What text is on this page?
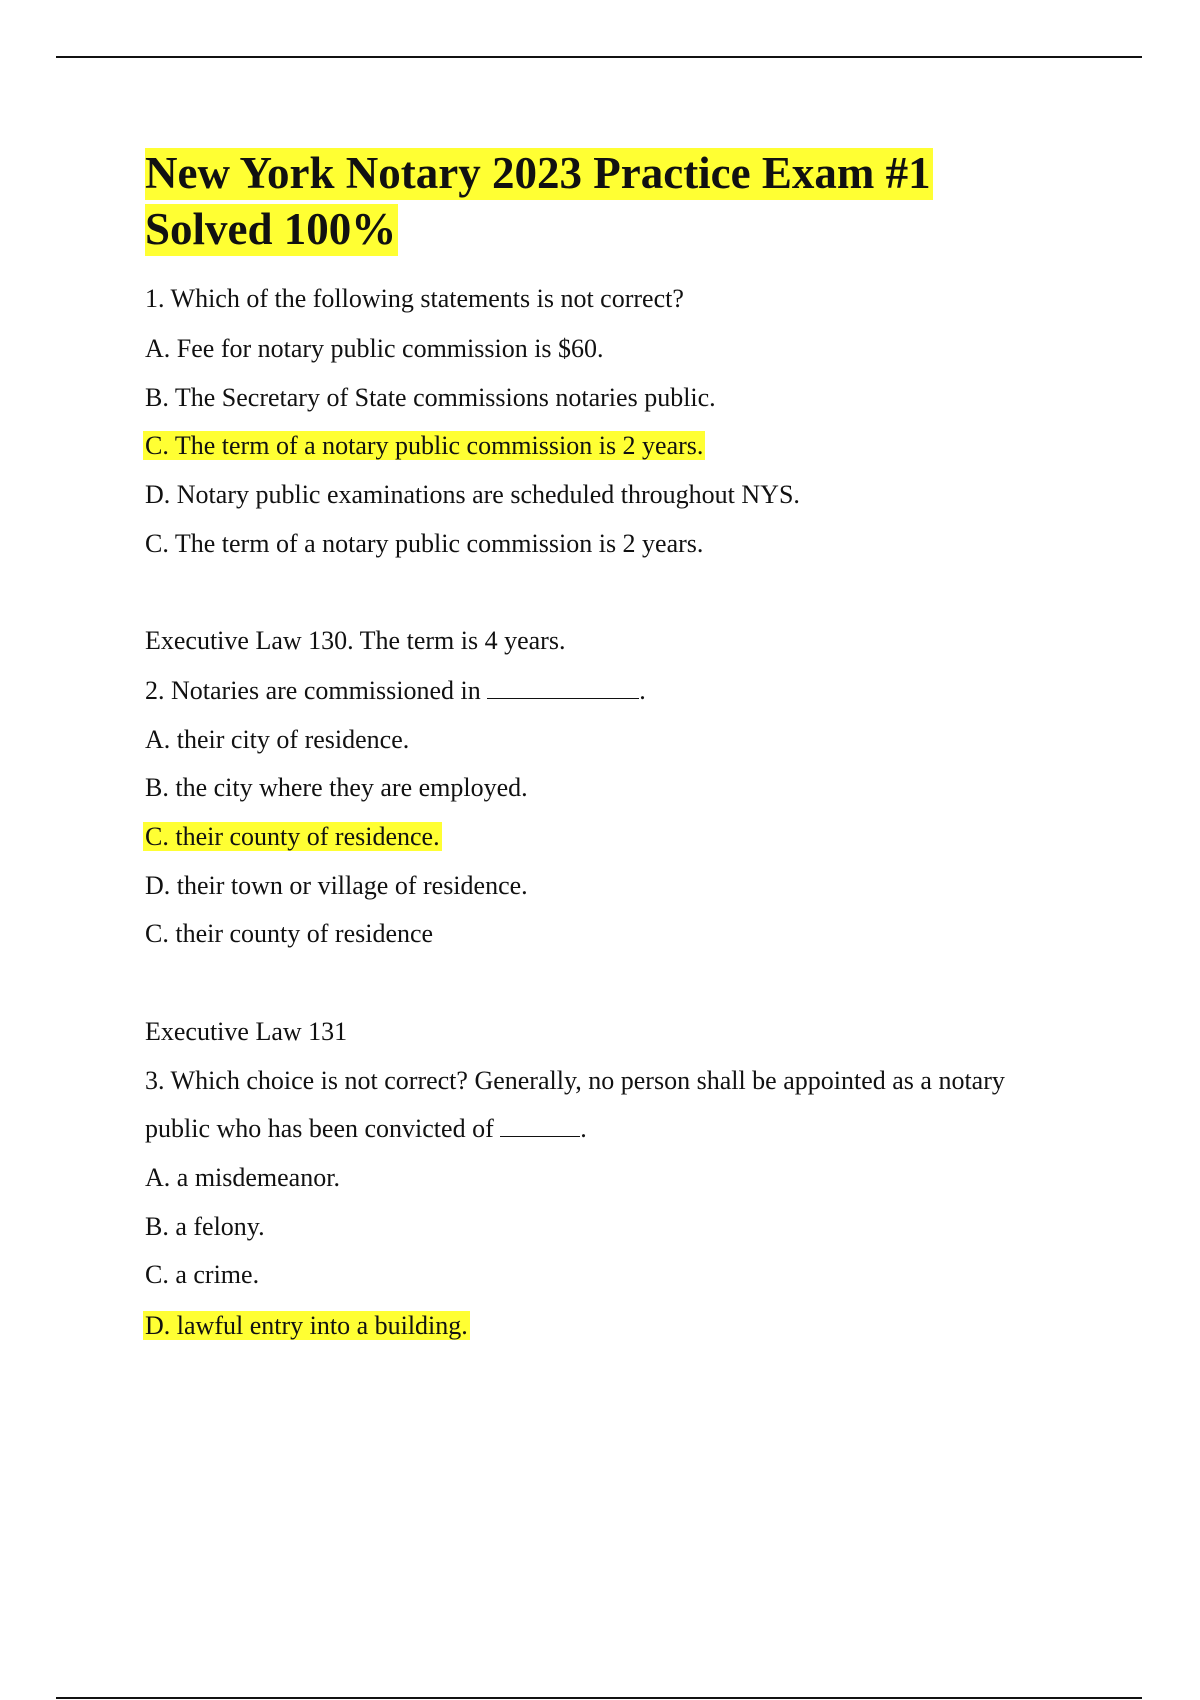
New York Notary 2023 Practice Exam #1
Solved 100%

1. Which of the following statements is not correct?

A. Fee for notary public commission is $60.

B. The Secretary of State commissions notaries public.

C. The term of a notary public commission is 2 years.

D. Notary public examinations are scheduled throughout NYS.

C. The term of a notary public commission is 2 years.

Executive Law 130. The term is 4 years.

2. Notaries are commissioned in	.

A. their city of residence.

B. the city where they are employed.

C. their county of residence.

D. their town or village of residence.

C. their county of residence

Executive Law 131

3. Which choice is not correct? Generally, no person shall be appointed as a notary

public who has been convicted of	.

A. a misdemeanor.

B. a felony.

C. a crime.

D. lawful entry into a building.
